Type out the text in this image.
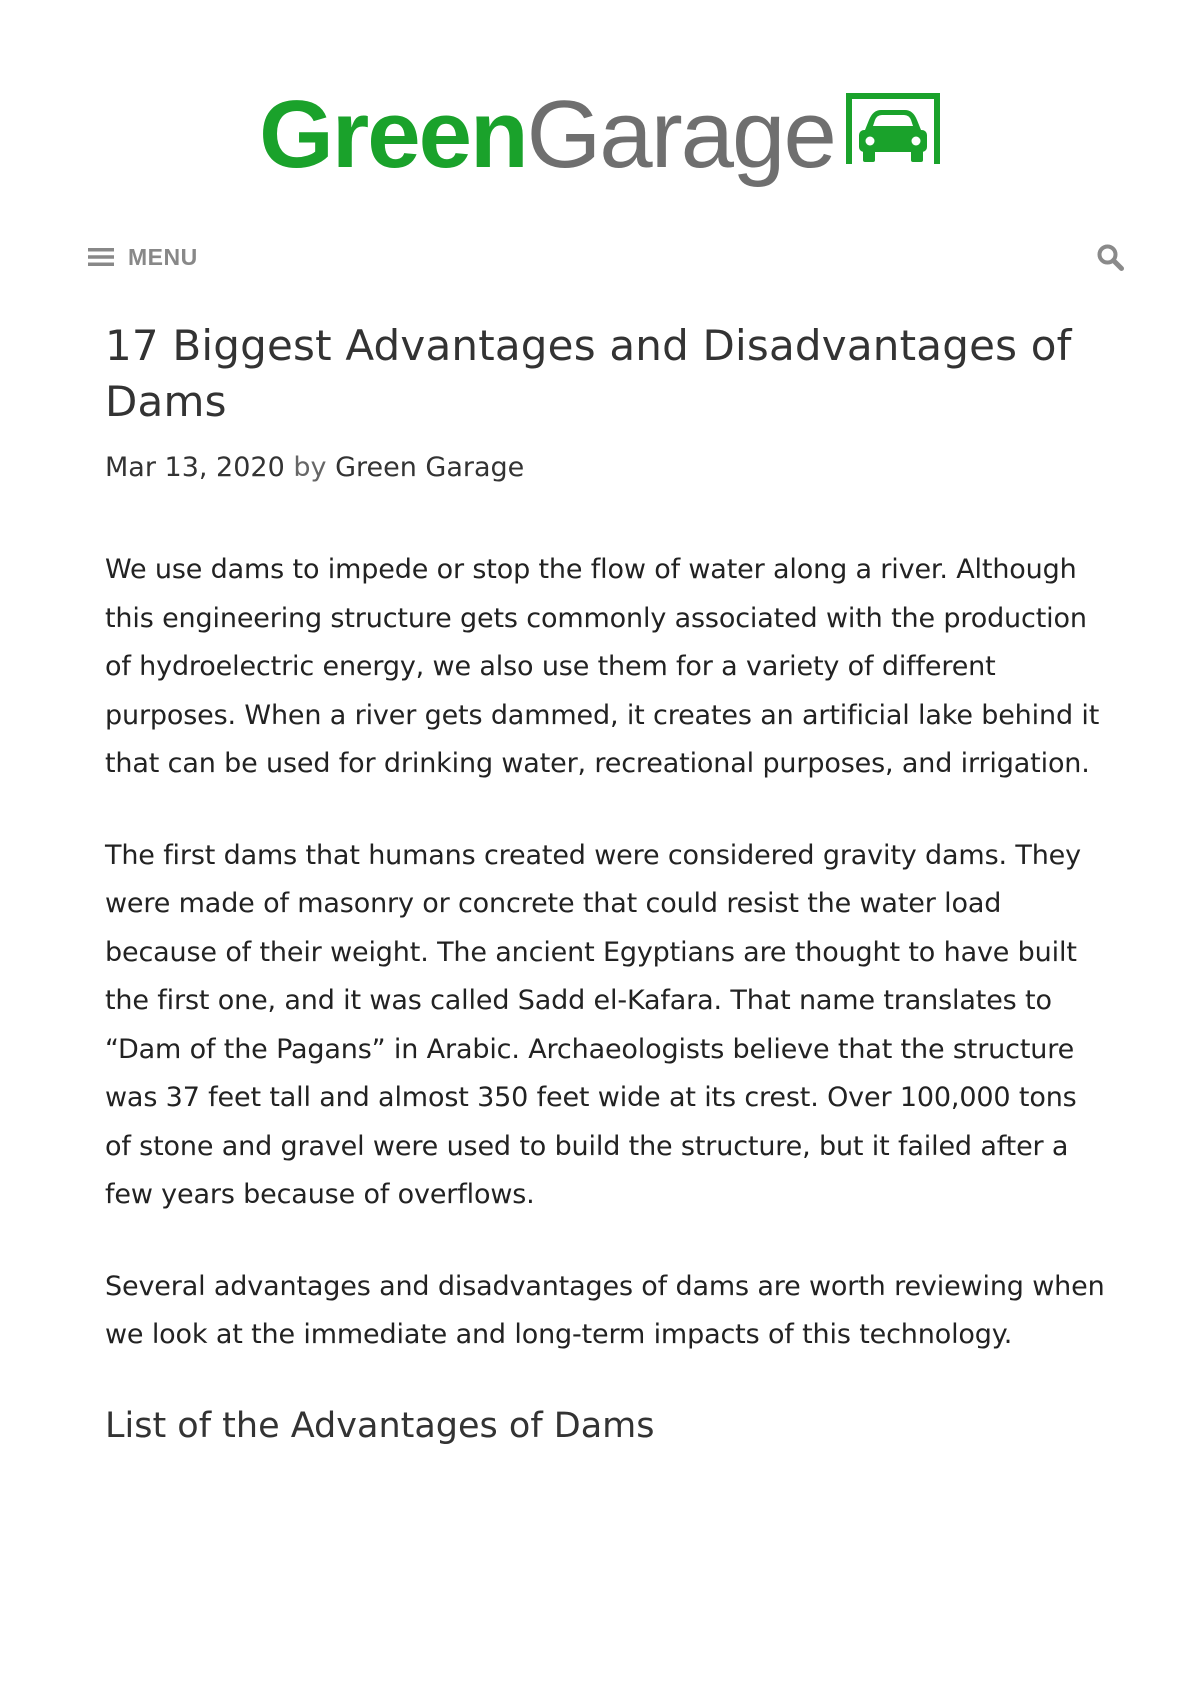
Green Garage
MENU
17 Biggest Advantages and Disadvantages of Dams
Mar 13, 2020 by Green Garage

We use dams to impede or stop the flow of water along a river. Although this engineering structure gets commonly associated with the production of hydroelectric energy, we also use them for a variety of different purposes. When a river gets dammed, it creates an artificial lake behind it that can be used for drinking water, recreational purposes, and irrigation.

The first dams that humans created were considered gravity dams. They were made of masonry or concrete that could resist the water load because of their weight. The ancient Egyptians are thought to have built the first one, and it was called Sadd el-Kafara. That name translates to “Dam of the Pagans” in Arabic. Archaeologists believe that the structure was 37 feet tall and almost 350 feet wide at its crest. Over 100,000 tons of stone and gravel were used to build the structure, but it failed after a few years because of overflows.

Several advantages and disadvantages of dams are worth reviewing when we look at the immediate and long-term impacts of this technology.

List of the Advantages of Dams
